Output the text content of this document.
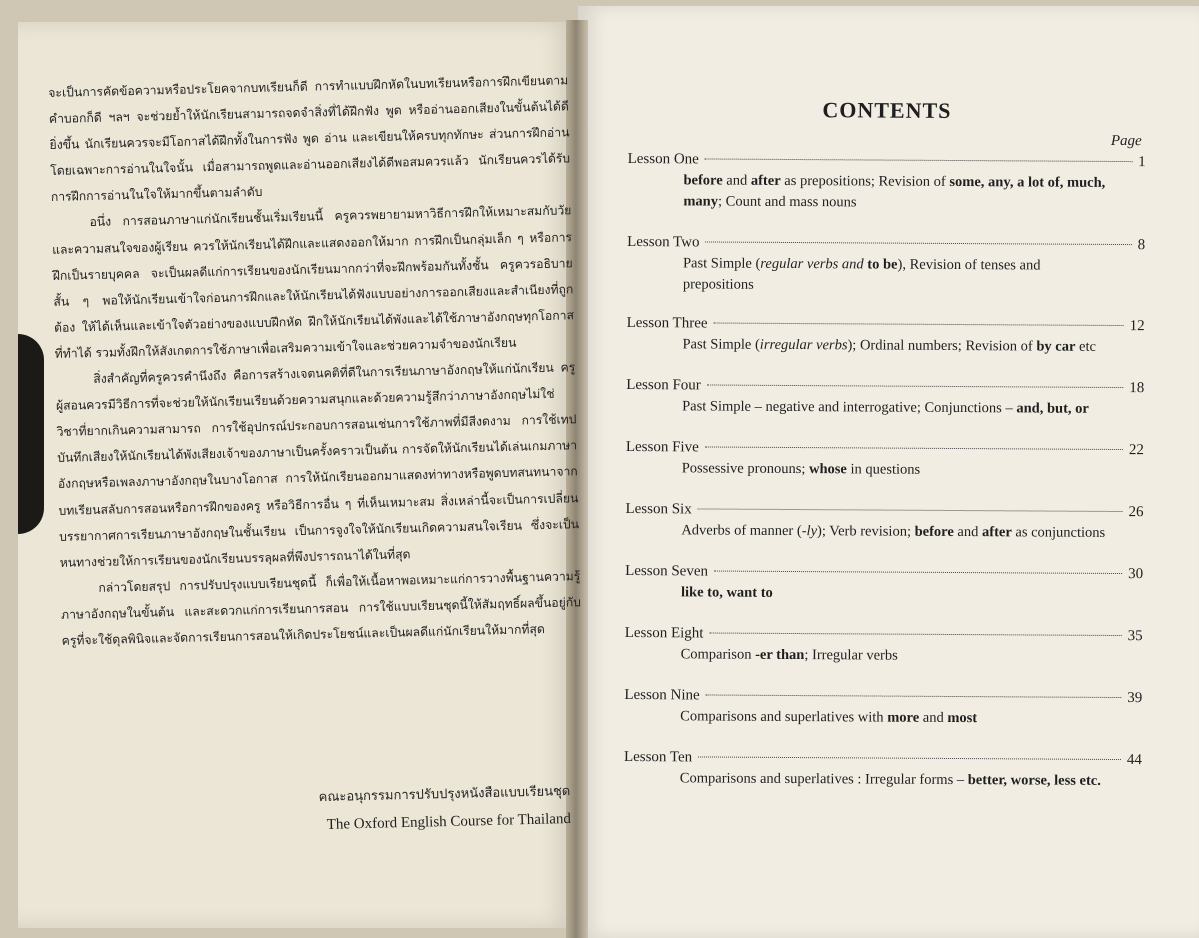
จะเป็นการคัดข้อความหรือประโยคจากบทเรียนก็ดี การทำแบบฝึกหัดในบทเรียนหรือการฝึกเขียนตามคำบอกก็ดี ฯลฯ จะช่วยย้ำให้นักเรียนสามารถจดจำสิ่งที่ได้ฝึกฟัง พูด หรืออ่านออกเสียงในขั้นต้นได้ดียิ่งขึ้น นักเรียนควรจะมีโอกาสได้ฝึกทั้งในการฟัง พูด อ่าน และเขียนให้ครบทุกทักษะ ส่วนการฝึกอ่านโดยเฉพาะการอ่านในใจนั้น เมื่อสามารถพูดและอ่านออกเสียงได้ดีพอสมควรแล้ว นักเรียนควรได้รับการฝึกการอ่านในใจให้มากขึ้นตามลำดับ

อนึ่ง การสอนภาษาแก่นักเรียนชั้นเริ่มเรียนนี้ ครูควรพยายามหาวิธีการฝึกให้เหมาะสมกับวัยและความสนใจของผู้เรียน ควรให้นักเรียนได้ฝึกและแสดงออกให้มาก การฝึกเป็นกลุ่มเล็ก ๆ หรือการฝึกเป็นรายบุคคล จะเป็นผลดีแก่การเรียนของนักเรียนมากกว่าที่จะฝึกพร้อมกันทั้งชั้น ครูควรอธิบายสั้น ๆ พอให้นักเรียนเข้าใจก่อนการฝึกและให้นักเรียนได้ฟังแบบอย่างการออกเสียงและสำเนียงที่ถูกต้อง ให้ได้เห็นและเข้าใจตัวอย่างของแบบฝึกหัด ฝึกให้นักเรียนได้พังและได้ใช้ภาษาอังกฤษทุกโอกาสที่ทำได้ รวมทั้งฝึกให้สังเกตการใช้ภาษาเพื่อเสริมความเข้าใจและช่วยความจำของนักเรียน

สิ่งสำคัญที่ครูควรคำนึงถึง คือการสร้างเจตนคติที่ดีในการเรียนภาษาอังกฤษให้แก่นักเรียน ครูผู้สอนควรมีวิธีการที่จะช่วยให้นักเรียนเรียนด้วยความสนุกและด้วยความรู้สึกว่าภาษาอังกฤษไม่ใช่วิชาที่ยากเกินความสามารถ การใช้อุปกรณ์ประกอบการสอนเช่นการใช้ภาพที่มีสีงดงาม การใช้เทปบันทึกเสียงให้นักเรียนได้พังเสียงเจ้าของภาษาเป็นครั้งคราวเป็นต้น การจัดให้นักเรียนได้เล่นเกมภาษาอังกฤษหรือเพลงภาษาอังกฤษในบางโอกาส การให้นักเรียนออกมาแสดงท่าทางหรือพูดบทสนทนาจากบทเรียนสลับการสอนหรือการฝึกของครู หรือวิธีการอื่น ๆ ที่เห็นเหมาะสม สิ่งเหล่านี้จะเป็นการเปลี่ยนบรรยากาศการเรียนภาษาอังกฤษในชั้นเรียน เป็นการจูงใจให้นักเรียนเกิดความสนใจเรียน ซึ่งจะเป็นหนทางช่วยให้การเรียนของนักเรียนบรรลุผลที่พึงปรารถนาได้ในที่สุด

กล่าวโดยสรุป การปรับปรุงแบบเรียนชุดนี้ ก็เพื่อให้เนื้อหาพอเหมาะแก่การวางพื้นฐานความรู้ภาษาอังกฤษในขั้นต้น และสะดวกแก่การเรียนการสอน การใช้แบบเรียนชุดนี้ให้สัมฤทธิ์ผลขึ้นอยู่กับครูที่จะใช้ดุลพินิจและจัดการเรียนการสอนให้เกิดประโยชน์และเป็นผลดีแก่นักเรียนให้มากที่สุด

คณะอนุกรรมการปรับปรุงหนังสือแบบเรียนชุด
The Oxford English Course for Thailand
CONTENTS
Page
Lesson One	1
before and after as prepositions; Revision of some, any, a lot of, much, many; Count and mass nouns
Lesson Two	8
Past Simple (regular verbs and to be), Revision of tenses and prepositions
Lesson Three	12
Past Simple (irregular verbs); Ordinal numbers; Revision of by car etc
Lesson Four	18
Past Simple – negative and interrogative; Conjunctions – and, but, or
Lesson Five	22
Possessive pronouns; whose in questions
Lesson Six	26
Adverbs of manner (-ly); Verb revision; before and after as conjunctions
Lesson Seven	30
like to, want to
Lesson Eight	35
Comparison -er than; Irregular verbs
Lesson Nine	39
Comparisons and superlatives with more and most
Lesson Ten	44
Comparisons and superlatives : Irregular forms – better, worse, less etc.
